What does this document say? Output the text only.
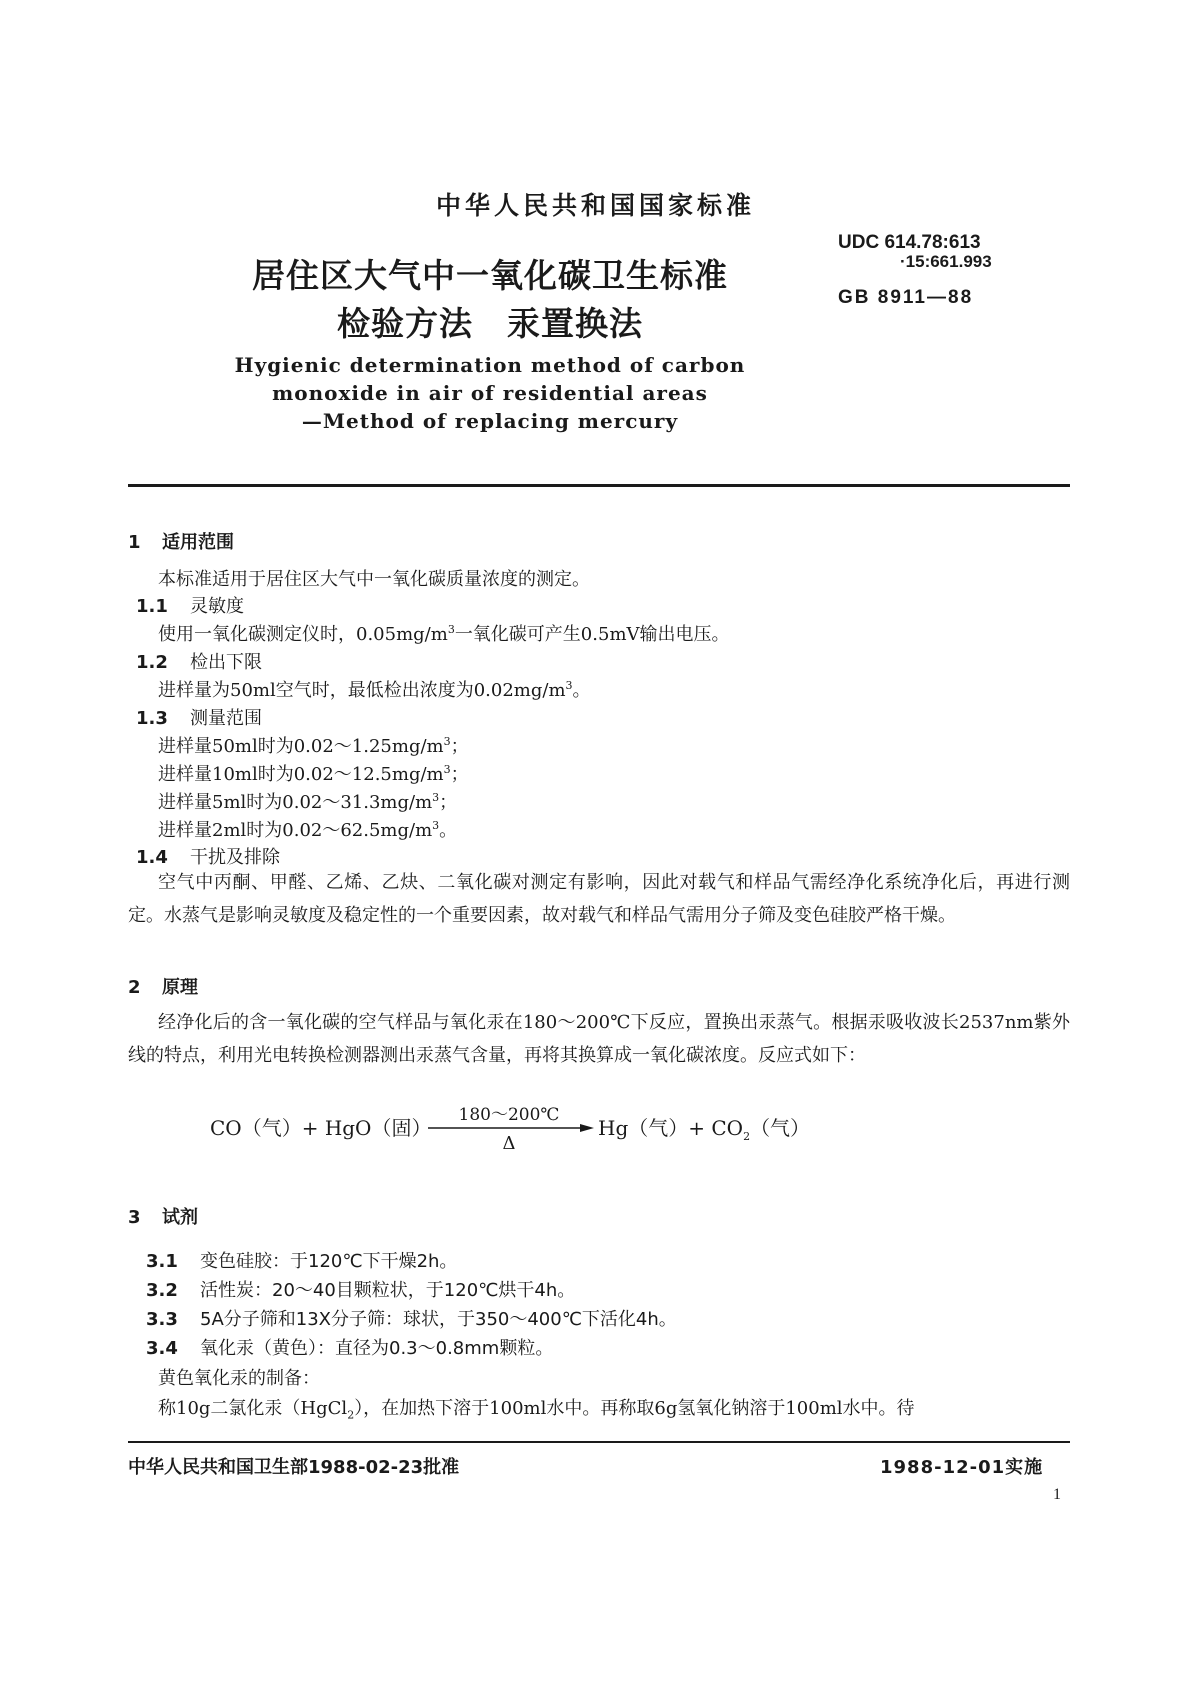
中华人民共和国国家标准
居住区大气中一氧化碳卫生标准
检验方法　汞置换法
UDC 614.78:613
·15:661.993
GB 8911—88
Hygienic determination method of carbon
monoxide in air of residential areas
—Method of replacing mercury
1 适用范围
本标准适用于居住区大气中一氧化碳质量浓度的测定。
1.1 灵敏度
使用一氧化碳测定仪时，$0.05mg/m^3$一氧化碳可产生0.5mV输出电压。
1.2 检出下限
进样量为50ml空气时，最低检出浓度为$0.02mg/m^3$。
1.3 测量范围
进样量50ml时为$0.02\sim 1.25mg/m^3$；
进样量10ml时为$0.02\sim 12.5mg/m^3$；
进样量5ml时为$0.02\sim 31.3mg/m^3$；
进样量2ml时为$0.02\sim 62.5mg/m^3$。
1.4 干扰及排除
空气中丙酮、甲醛、乙烯、乙炔、二氧化碳对测定有影响，因此对载气和样品气需经净化系统净化后，再进行测定。水蒸气是影响灵敏度及稳定性的一个重要因素，故对载气和样品气需用分子筛及变色硅胶严格干燥。
2 原理
经净化后的含一氧化碳的空气样品与氧化汞在180～200℃下反应，置换出汞蒸气。根据汞吸收波长2537nm紫外线的特点，利用光电转换检测器测出汞蒸气含量，再将其换算成一氧化碳浓度。反应式如下：
CO（气）+ HgO（固）
180～200℃
Δ
Hg（气）+ $CO_2$（气）
3 试剂
3.1 变色硅胶：于120℃下干燥2h。
3.2 活性炭：20～40目颗粒状，于120℃烘干4h。
3.3 5A分子筛和13X分子筛：球状，于350～400℃下活化4h。
3.4 氧化汞（黄色）：直径为0.3～0.8mm颗粒。
黄色氧化汞的制备：
称10g二氯化汞（HgCl$_2$），在加热下溶于100ml水中。再称取6g氢氧化钠溶于100ml水中。待
中华人民共和国卫生部1988-02-23批准	1988-12-01实施
1
